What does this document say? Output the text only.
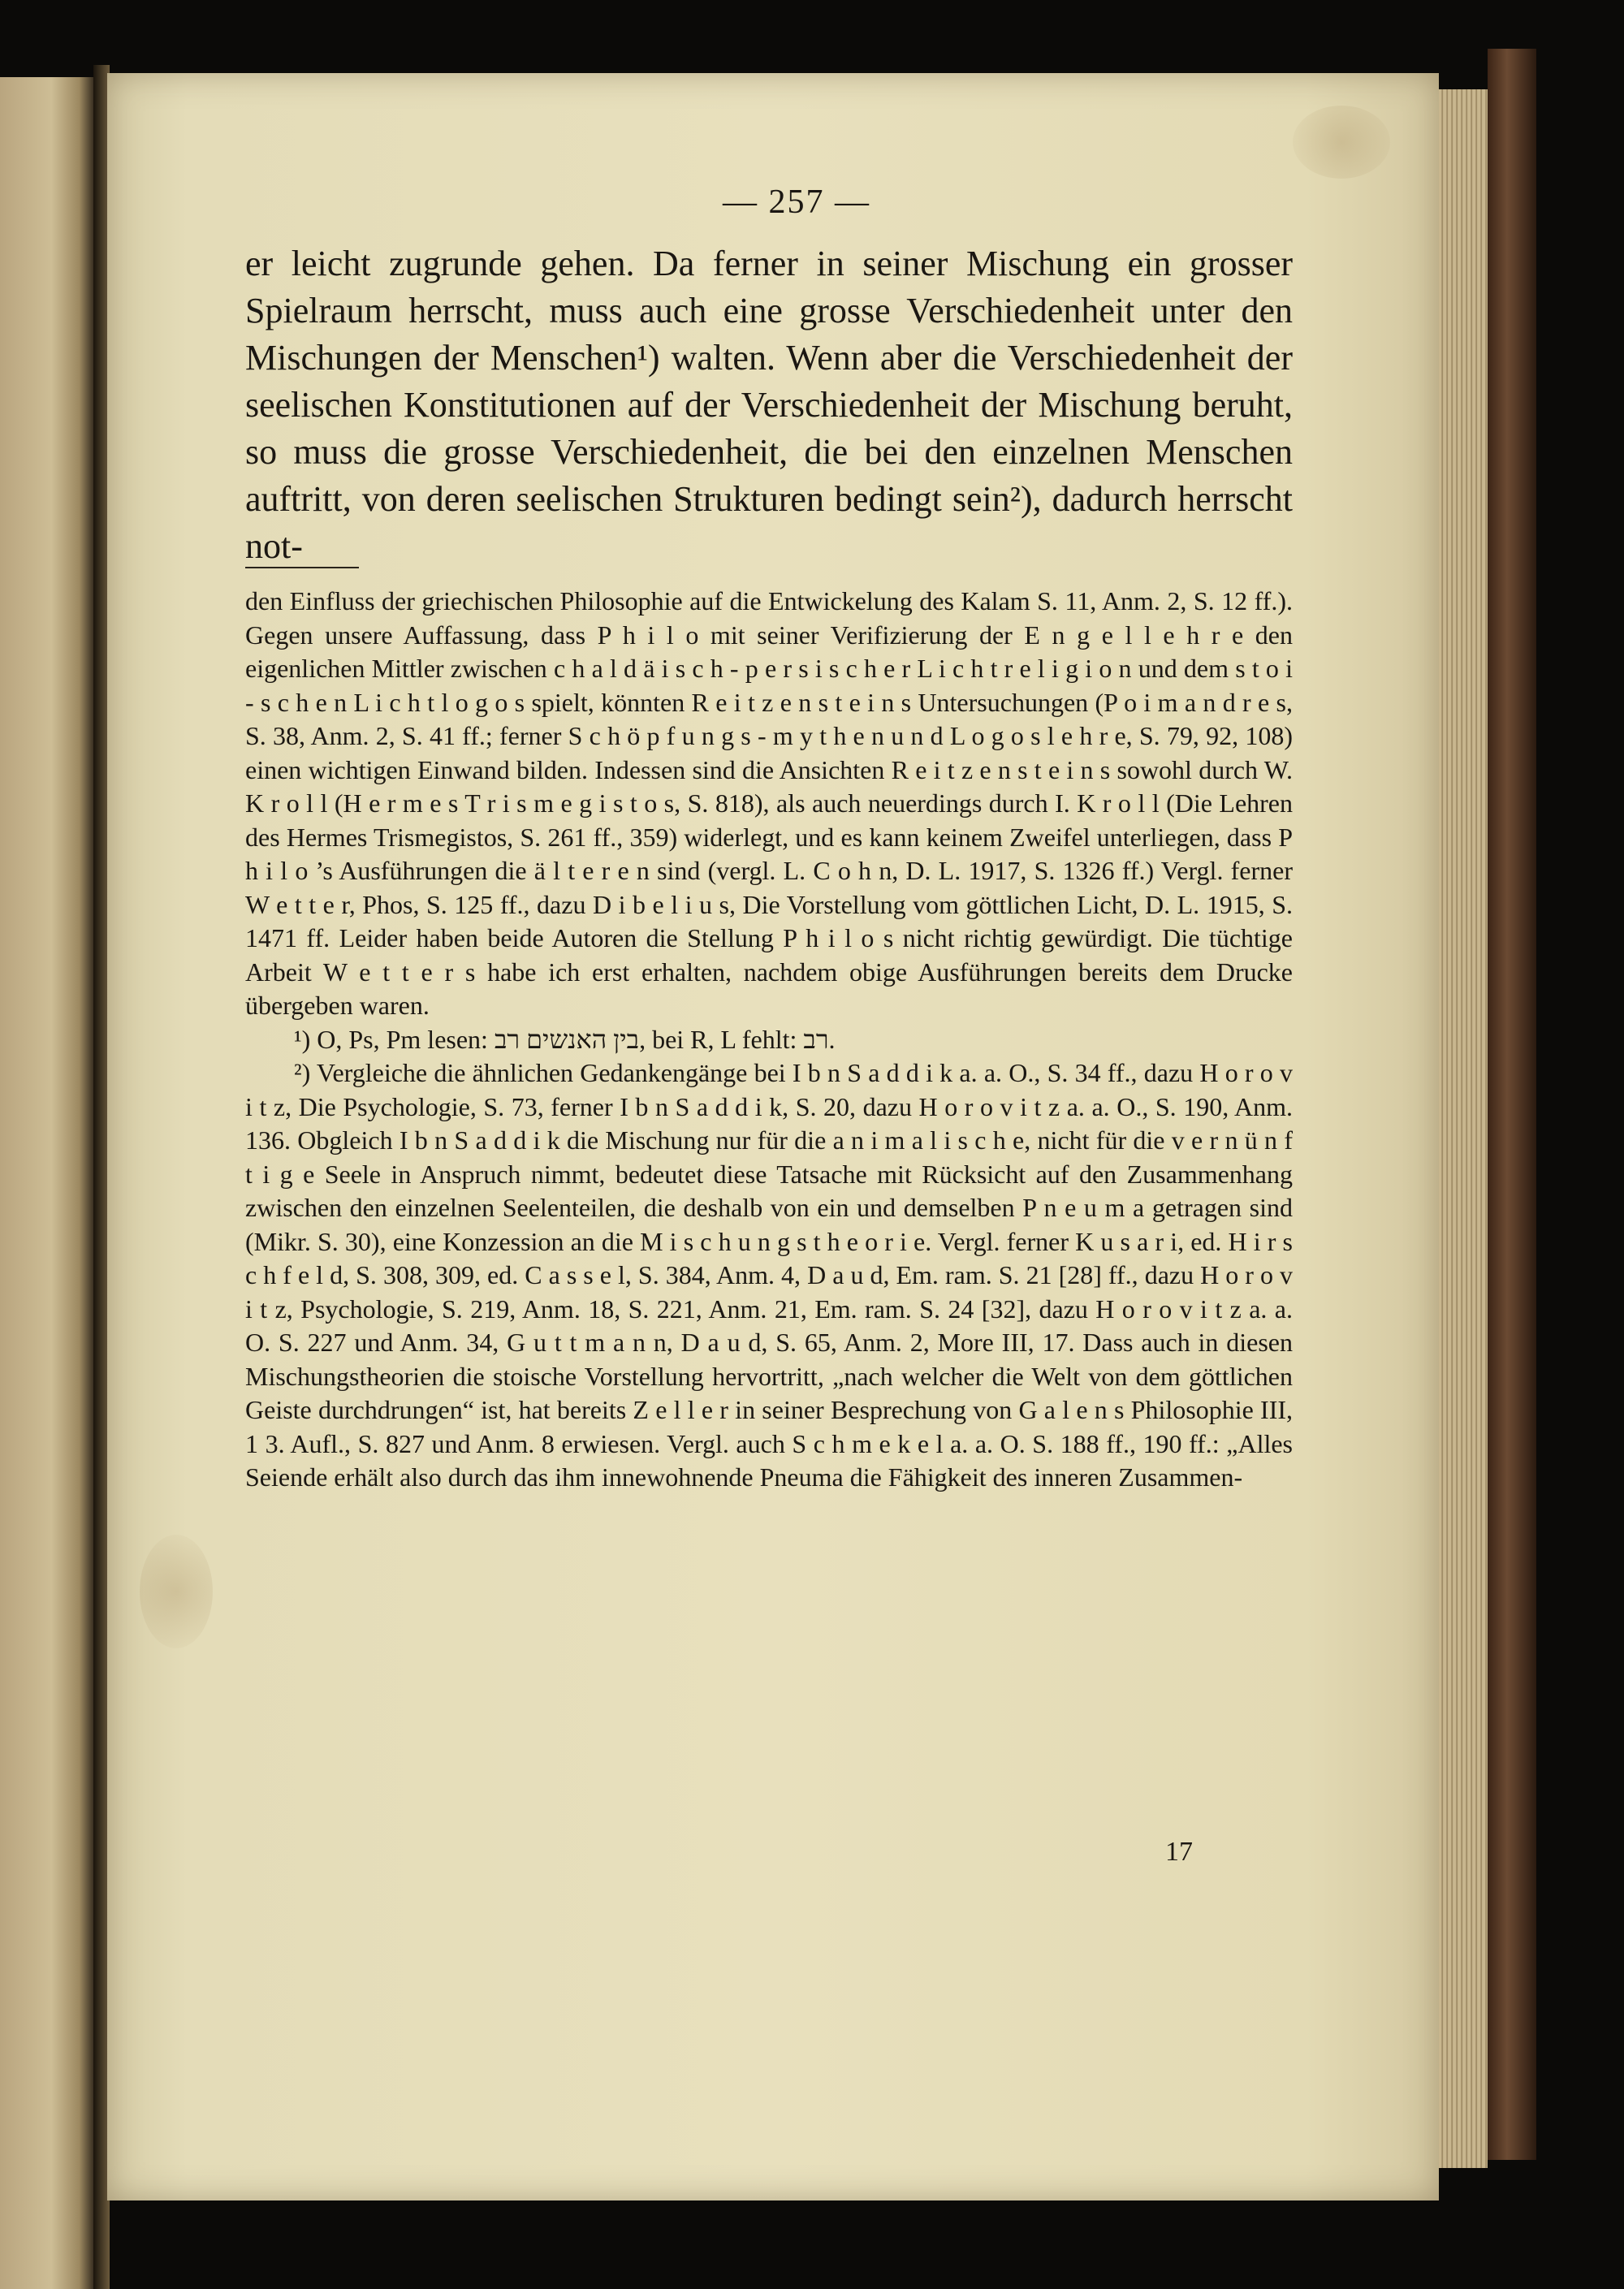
— 257 —

er leicht zugrunde gehen. Da ferner in seiner Mischung ein grosser Spielraum herrscht, muss auch eine grosse Verschiedenheit unter den Mischungen der Menschen¹) walten. Wenn aber die Verschiedenheit der seelischen Konstitutionen auf der Verschiedenheit der Mischung beruht, so muss die grosse Verschiedenheit, die bei den einzelnen Menschen auftritt, von deren seelischen Strukturen bedingt sein²), dadurch herrscht not-

den Einfluss der griechischen Philosophie auf die Entwickelung des Kalam S. 11, Anm. 2, S. 12 ff.). Gegen unsere Auffassung, dass P h i l o mit seiner Verifizierung der E n g e l l e h r e den eigenlichen Mittler zwischen c h a l d ä i s c h - p e r s i s c h e r L i c h t r e l i g i o n und dem s t o i - s c h e n L i c h t l o g o s spielt, könnten R e i t z e n s t e i n s Untersuchungen (P o i m a n d r e s, S. 38, Anm. 2, S. 41 ff.; ferner S c h ö p f u n g s - m y t h e n u n d L o g o s l e h r e, S. 79, 92, 108) einen wichtigen Einwand bilden. Indessen sind die Ansichten R e i t z e n s t e i n s sowohl durch W. K r o l l (H e r m e s T r i s m e g i s t o s, S. 818), als auch neuerdings durch I. K r o l l (Die Lehren des Hermes Trismegistos, S. 261 ff., 359) widerlegt, und es kann keinem Zweifel unterliegen, dass P h i l o ’s Ausführungen die ä l t e r e n sind (vergl. L. C o h n, D. L. 1917, S. 1326 ff.) Vergl. ferner W e t t e r, Phos, S. 125 ff., dazu D i b e l i u s, Die Vorstellung vom göttlichen Licht, D. L. 1915, S. 1471 ff. Leider haben beide Autoren die Stellung P h i l o s nicht richtig gewürdigt. Die tüchtige Arbeit W e t t e r s habe ich erst erhalten, nachdem obige Ausführungen bereits dem Drucke übergeben waren.

¹) O, Ps, Pm lesen: בין האנשים רב, bei R, L fehlt: רב.

²) Vergleiche die ähnlichen Gedankengänge bei I b n S a d d i k a. a. O., S. 34 ff., dazu H o r o v i t z, Die Psychologie, S. 73, ferner I b n S a d d i k, S. 20, dazu H o r o v i t z a. a. O., S. 190, Anm. 136. Obgleich I b n S a d d i k die Mischung nur für die a n i m a l i s c h e, nicht für die v e r n ü n f t i g e Seele in Anspruch nimmt, bedeutet diese Tatsache mit Rücksicht auf den Zusammenhang zwischen den einzelnen Seelenteilen, die deshalb von ein und demselben P n e u m a getragen sind (Mikr. S. 30), eine Konzession an die M i s c h u n g s t h e o r i e. Vergl. ferner K u s a r i, ed. H i r s c h f e l d, S. 308, 309, ed. C a s s e l, S. 384, Anm. 4, D a u d, Em. ram. S. 21 [28] ff., dazu H o r o v i t z, Psychologie, S. 219, Anm. 18, S. 221, Anm. 21, Em. ram. S. 24 [32], dazu H o r o v i t z a. a. O. S. 227 und Anm. 34, G u t t m a n n, D a u d, S. 65, Anm. 2, More III, 17. Dass auch in diesen Mischungstheorien die stoische Vorstellung hervortritt, „nach welcher die Welt von dem göttlichen Geiste durchdrungen“ ist, hat bereits Z e l l e r in seiner Besprechung von G a l e n s Philosophie III, 1 3. Aufl., S. 827 und Anm. 8 erwiesen. Vergl. auch S c h m e k e l a. a. O. S. 188 ff., 190 ff.: „Alles Seiende erhält also durch das ihm innewohnende Pneuma die Fähigkeit des inneren Zusammen-

17
